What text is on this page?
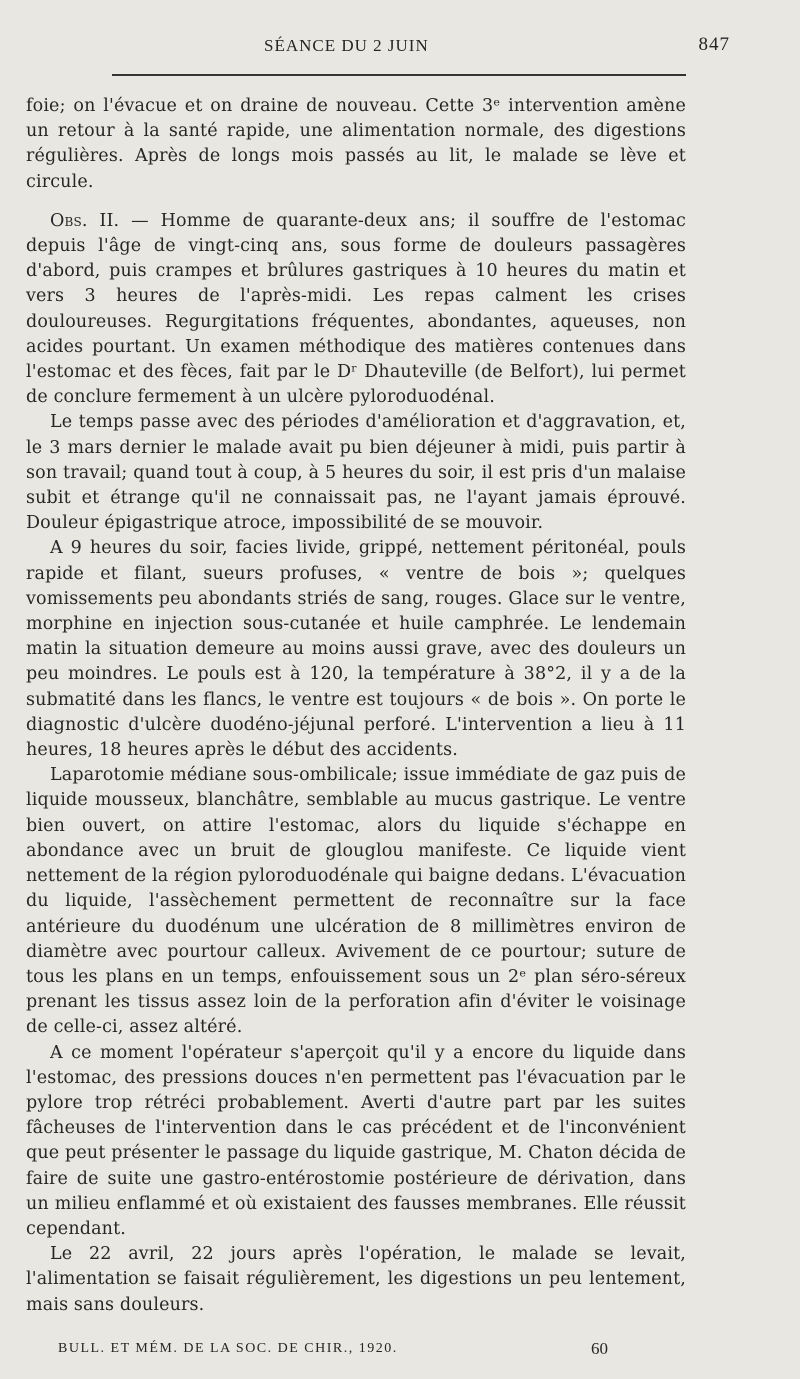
SÉANCE DU 2 JUIN	847

foie; on l'évacue et on draine de nouveau. Cette 3ᵉ intervention amène un retour à la santé rapide, une alimentation normale, des digestions régulières. Après de longs mois passés au lit, le malade se lève et circule.

Obs. II. — Homme de quarante-deux ans; il souffre de l'estomac depuis l'âge de vingt-cinq ans, sous forme de douleurs passagères d'abord, puis crampes et brûlures gastriques à 10 heures du matin et vers 3 heures de l'après-midi. Les repas calment les crises douloureuses. Regurgitations fréquentes, abondantes, aqueuses, non acides pourtant. Un examen méthodique des matières contenues dans l'estomac et des fèces, fait par le Dʳ Dhauteville (de Belfort), lui permet de conclure fermement à un ulcère pyloroduodénal.

Le temps passe avec des périodes d'amélioration et d'aggravation, et, le 3 mars dernier le malade avait pu bien déjeuner à midi, puis partir à son travail; quand tout à coup, à 5 heures du soir, il est pris d'un malaise subit et étrange qu'il ne connaissait pas, ne l'ayant jamais éprouvé. Douleur épigastrique atroce, impossibilité de se mouvoir.

A 9 heures du soir, facies livide, grippé, nettement péritonéal, pouls rapide et filant, sueurs profuses, « ventre de bois »; quelques vomissements peu abondants striés de sang, rouges. Glace sur le ventre, morphine en injection sous-cutanée et huile camphrée. Le lendemain matin la situation demeure au moins aussi grave, avec des douleurs un peu moindres. Le pouls est à 120, la température à 38°2, il y a de la submatité dans les flancs, le ventre est toujours « de bois ». On porte le diagnostic d'ulcère duodéno-jéjunal perforé. L'intervention a lieu à 11 heures, 18 heures après le début des accidents.

Laparotomie médiane sous-ombilicale; issue immédiate de gaz puis de liquide mousseux, blanchâtre, semblable au mucus gastrique. Le ventre bien ouvert, on attire l'estomac, alors du liquide s'échappe en abondance avec un bruit de glouglou manifeste. Ce liquide vient nettement de la région pyloroduodénale qui baigne dedans. L'évacuation du liquide, l'assèchement permettent de reconnaître sur la face antérieure du duodénum une ulcération de 8 millimètres environ de diamètre avec pourtour calleux. Avivement de ce pourtour; suture de tous les plans en un temps, enfouissement sous un 2ᵉ plan séro-séreux prenant les tissus assez loin de la perforation afin d'éviter le voisinage de celle-ci, assez altéré.

A ce moment l'opérateur s'aperçoit qu'il y a encore du liquide dans l'estomac, des pressions douces n'en permettent pas l'évacuation par le pylore trop rétréci probablement. Averti d'autre part par les suites fâcheuses de l'intervention dans le cas précédent et de l'inconvénient que peut présenter le passage du liquide gastrique, M. Chaton décida de faire de suite une gastro-entérostomie postérieure de dérivation, dans un milieu enflammé et où existaient des fausses membranes. Elle réussit cependant.

Le 22 avril, 22 jours après l'opération, le malade se levait, l'alimentation se faisait régulièrement, les digestions un peu lentement, mais sans douleurs.

BULL. ET MÉM. DE LA SOC. DE CHIR., 1920.	60
